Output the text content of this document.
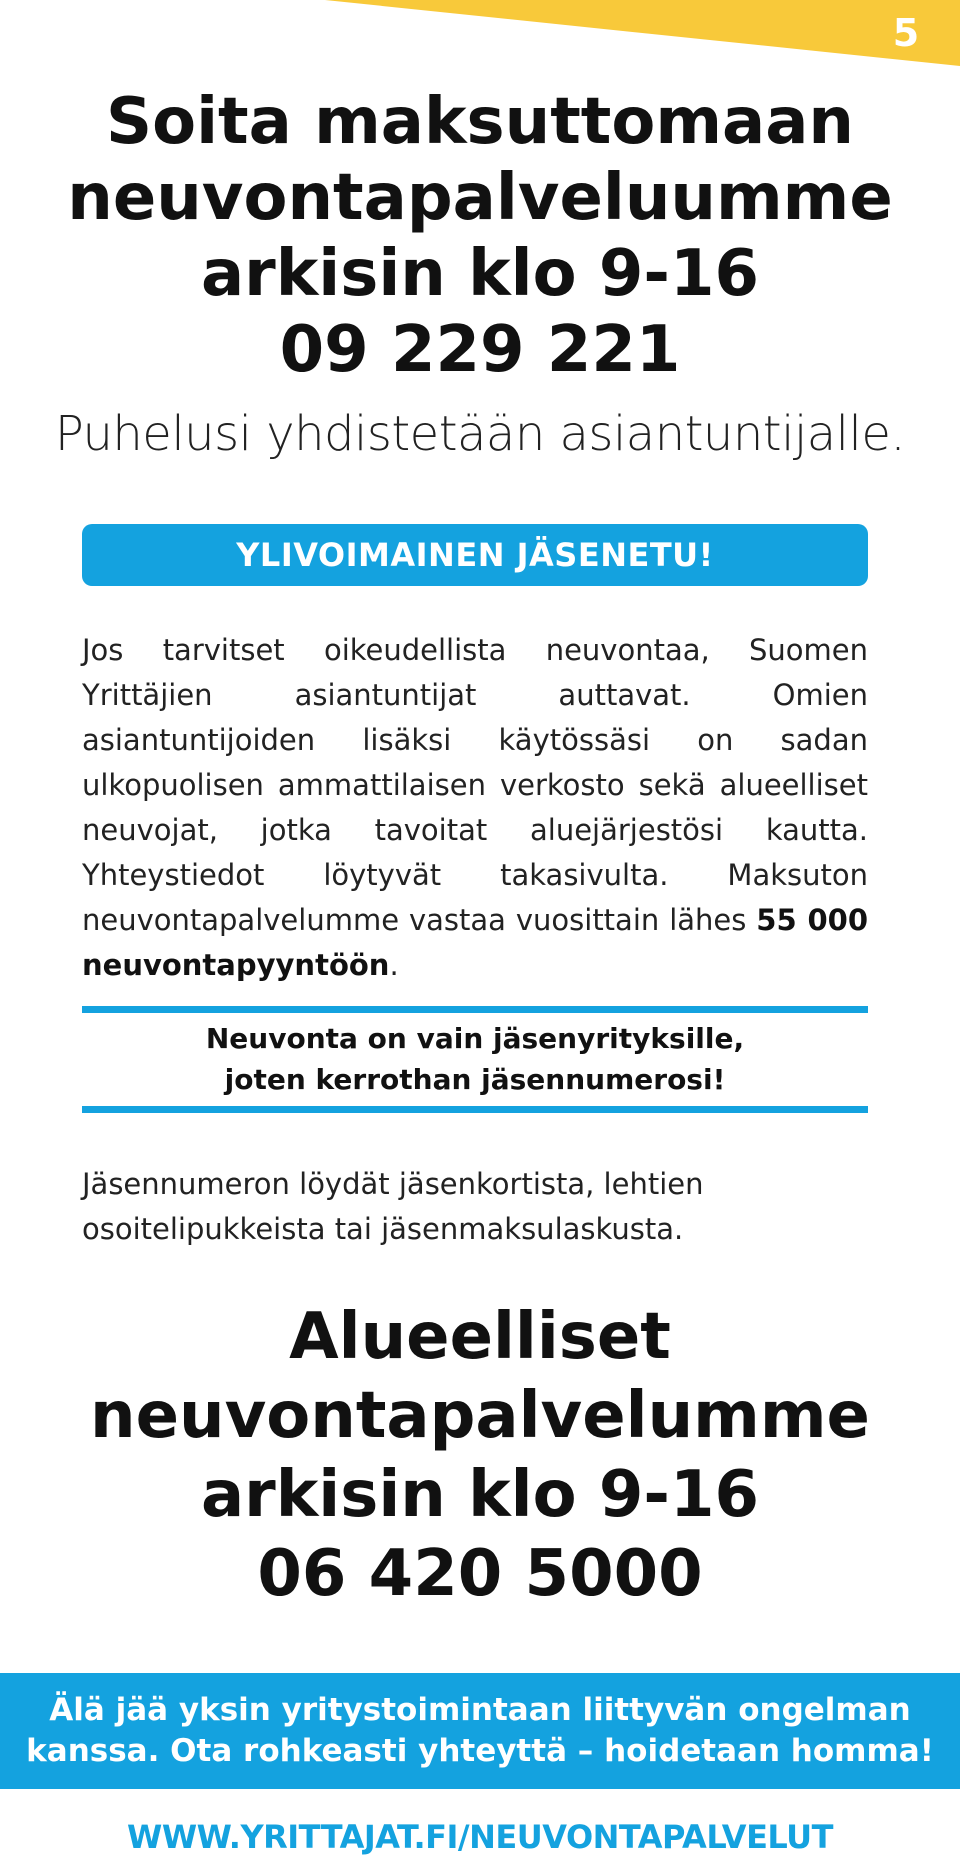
5
Soita maksuttomaan
neuvontapalveluumme
arkisin klo 9-16
09 229 221
Puhelusi yhdistetään asiantuntijalle.
YLIVOIMAINEN JÄSENETU!
Jos tarvitset oikeudellista neuvontaa, Suomen Yrittäjien asiantuntijat auttavat. Omien asiantuntijoiden lisäksi käytössäsi on sadan ulkopuolisen ammattilaisen verkosto sekä alueelliset neuvojat, jotka tavoitat aluejärjestösi kautta. Yhteystiedot löytyvät takasivulta. Maksuton neuvontapalvelumme vastaa vuosittain lähes 55 000 neuvontapyyntöön.
Neuvonta on vain jäsenyrityksille,
joten kerrothan jäsennumerosi!
Jäsennumeron löydät jäsenkortista, lehtien osoitelipukkeista tai jäsenmaksulaskusta.
Alueelliset
neuvontapalvelumme
arkisin klo 9-16
06 420 5000
Älä jää yksin yritystoimintaan liittyvän ongelman
kanssa. Ota rohkeasti yhteyttä – hoidetaan homma!
WWW.YRITTAJAT.FI/NEUVONTAPALVELUT
